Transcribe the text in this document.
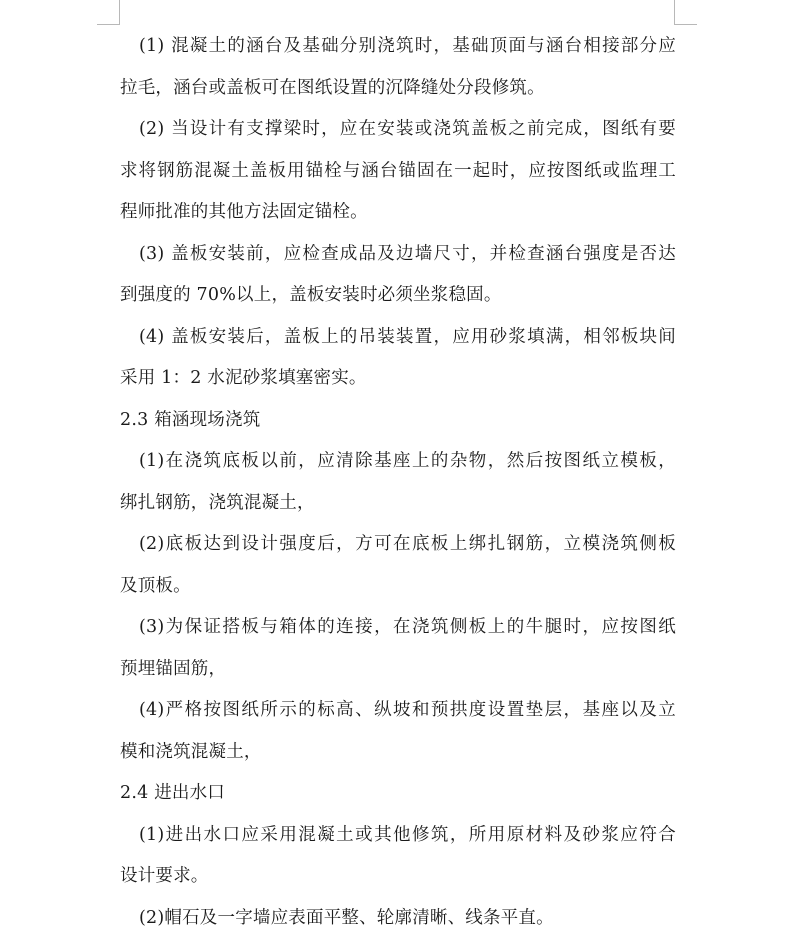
(1) 混凝土的涵台及基础分别浇筑时，基础顶面与涵台相接部分应
拉毛，涵台或盖板可在图纸设置的沉降缝处分段修筑。
(2) 当设计有支撑梁时，应在安装或浇筑盖板之前完成，图纸有要
求将钢筋混凝土盖板用锚栓与涵台锚固在一起时，应按图纸或监理工
程师批准的其他方法固定锚栓。
(3) 盖板安装前，应检查成品及边墙尺寸，并检查涵台强度是否达
到强度的 70%以上，盖板安装时必须坐浆稳固。
(4) 盖板安装后，盖板上的吊装装置，应用砂浆填满，相邻板块间
采用 1：2 水泥砂浆填塞密实。
2.3 箱涵现场浇筑
(1)在浇筑底板以前，应清除基座上的杂物，然后按图纸立模板，
绑扎钢筋，浇筑混凝土，
(2)底板达到设计强度后，方可在底板上绑扎钢筋，立模浇筑侧板
及顶板。
(3)为保证搭板与箱体的连接，在浇筑侧板上的牛腿时，应按图纸
预埋锚固筋，
(4)严格按图纸所示的标高、纵坡和预拱度设置垫层，基座以及立
模和浇筑混凝土，
2.4 进出水口
(1)进出水口应采用混凝土或其他修筑，所用原材料及砂浆应符合
设计要求。
(2)帽石及一字墙应表面平整、轮廓清晰、线条平直。
